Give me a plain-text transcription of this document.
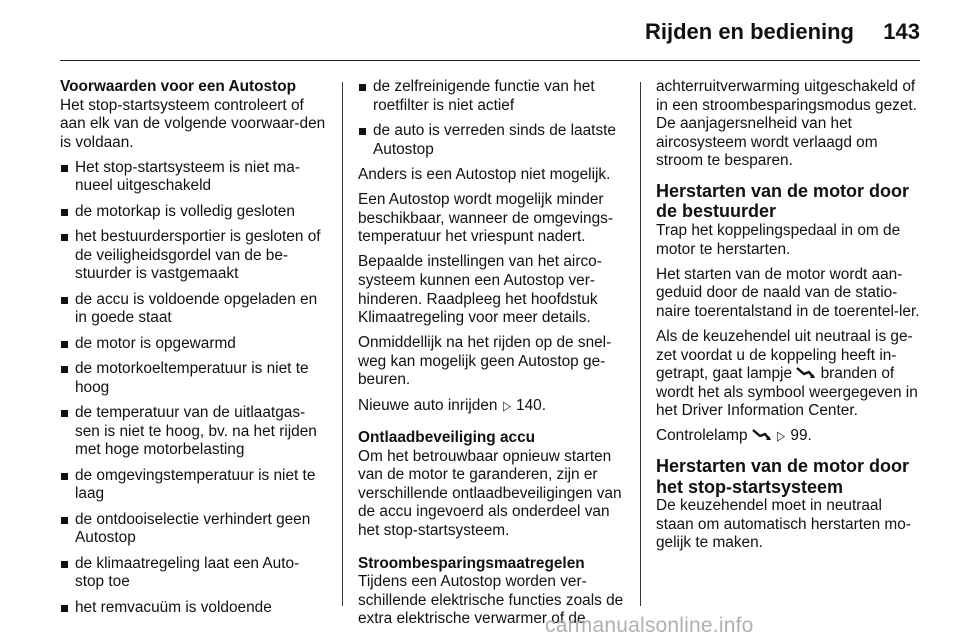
Rijden en bediening 143
Voorwaarden voor een Autostop
Het stop-startsysteem controleert of aan elk van de volgende voorwaar-den is voldaan.
Het stop-startsysteem is niet ma-nueel uitgeschakeld
de motorkap is volledig gesloten
het bestuurdersportier is gesloten of de veiligheidsgordel van de be-stuurder is vastgemaakt
de accu is voldoende opgeladen en in goede staat
de motor is opgewarmd
de motorkoeltemperatuur is niet te hoog
de temperatuur van de uitlaatgas-sen is niet te hoog, bv. na het rijden met hoge motorbelasting
de omgevingstemperatuur is niet te laag
de ontdooiselectie verhindert geen Autostop
de klimaatregeling laat een Auto-stop toe
het remvacuüm is voldoende
de zelfreinigende functie van het roetfilter is niet actief
de auto is verreden sinds de laatste Autostop
Anders is een Autostop niet mogelijk.
Een Autostop wordt mogelijk minder beschikbaar, wanneer de omgevings-temperatuur het vriespunt nadert.
Bepaalde instellingen van het airco-systeem kunnen een Autostop ver-hinderen. Raadpleeg het hoofdstuk Klimaatregeling voor meer details.
Onmiddellijk na het rijden op de snel-weg kan mogelijk geen Autostop ge-beuren.
Nieuwe auto inrijden ▷ 140.
Ontlaadbeveiliging accu
Om het betrouwbaar opnieuw starten van de motor te garanderen, zijn er verschillende ontlaadbeveiligingen van de accu ingevoerd als onderdeel van het stop-startsysteem.
Stroombesparingsmaatregelen
Tijdens een Autostop worden ver-schillende elektrische functies zoals de extra elektrische verwarmer of de
achterruitverwarming uitgeschakeld of in een stroombesparingsmodus gezet. De aanjagersnelheid van het aircosysteem wordt verlaagd om stroom te besparen.
Herstarten van de motor door de bestuurder
Trap het koppelingspedaal in om de motor te herstarten.
Het starten van de motor wordt aan-geduid door de naald van de statio-naire toerentalstand in de toerentel-ler.
Als de keuzehendel uit neutraal is ge-zet voordat u de koppeling heeft in-getrapt, gaat lampje branden of wordt het als symbool weergegeven in het Driver Information Center.
Controlelamp ▷ 99.
Herstarten van de motor door het stop-startsysteem
De keuzehendel moet in neutraal staan om automatisch herstarten mo-gelijk te maken.
carmanualsonline.info
